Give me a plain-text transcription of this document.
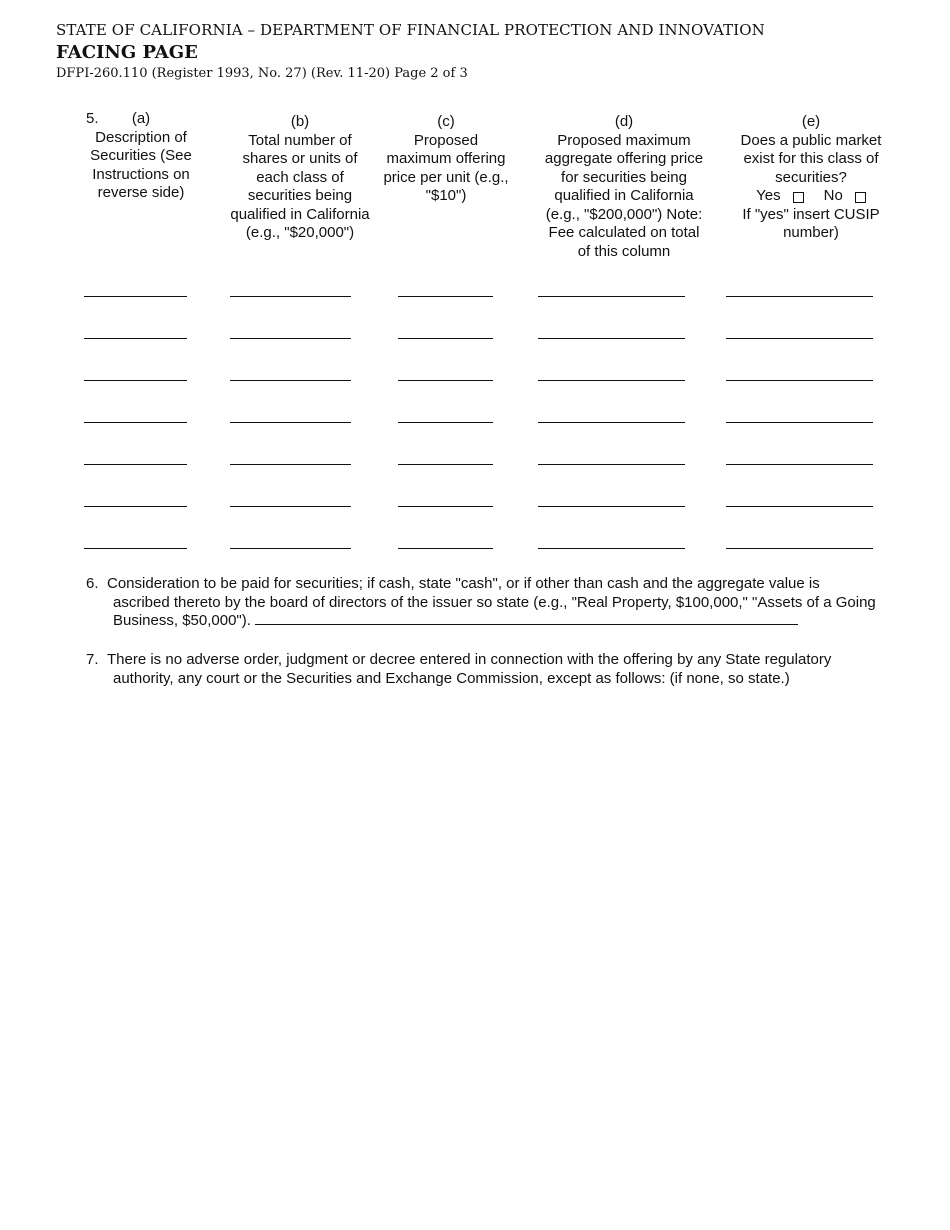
STATE OF CALIFORNIA – DEPARTMENT OF FINANCIAL PROTECTION AND INNOVATION
FACING PAGE
DFPI-260.110 (Register 1993, No. 27) (Rev. 11-20) Page 2 of 3
5.	(a)
Description of
Securities (See
Instructions on
reverse side)
(b)
Total number of
shares or units of
each class of
securities being
qualified in California
(e.g., "$20,000")
(c)
Proposed
maximum offering
price per unit (e.g.,
"$10")
(d)
Proposed maximum
aggregate offering price
for securities being
qualified in California
(e.g., "$200,000") Note:
Fee calculated on total
of this column
(e)
Does a public market
exist for this class of
securities?
Yes	No
If "yes" insert CUSIP
number)
6. Consideration to be paid for securities; if cash, state "cash", or if other than cash and the aggregate value is ascribed thereto by the board of directors of the issuer so state (e.g., "Real Property, $100,000," "Assets of a Going Business, $50,000").
7. There is no adverse order, judgment or decree entered in connection with the offering by any State regulatory authority, any court or the Securities and Exchange Commission, except as follows: (if none, so state.)
